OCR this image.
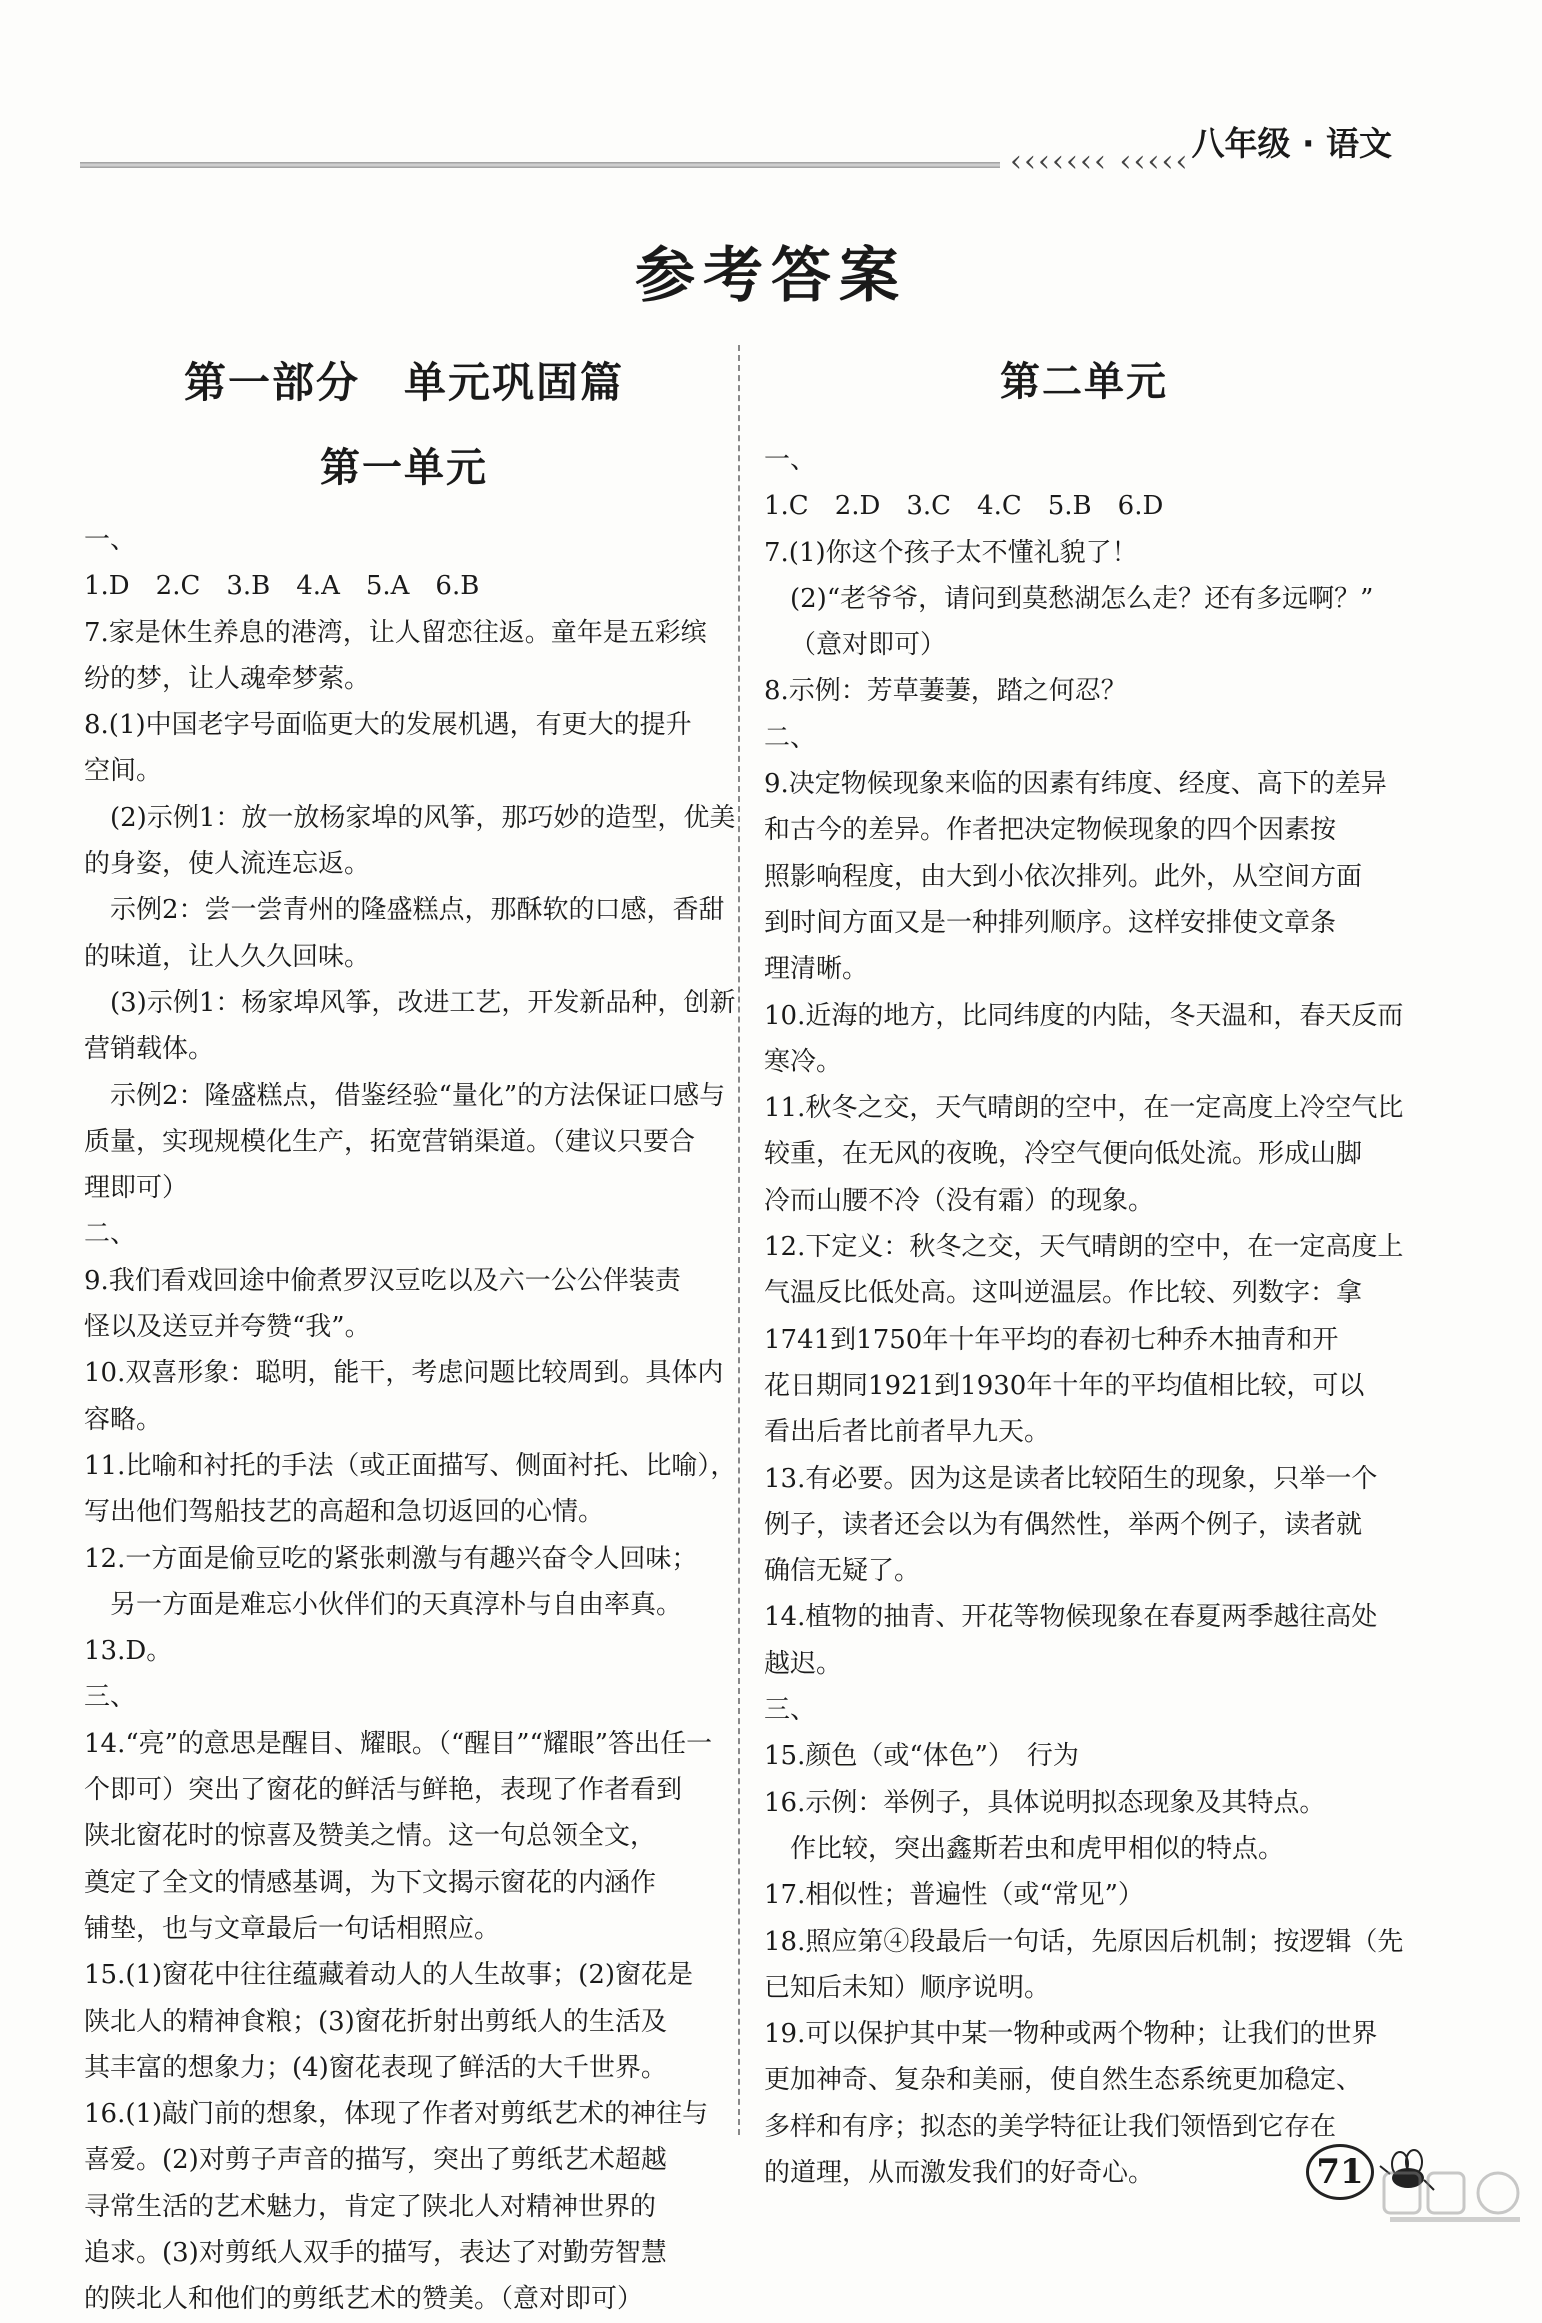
八年级 · 语文
‹‹‹‹‹‹‹ ‹‹‹‹‹
参考答案
第一部分　单元巩固篇
第一单元
一、
1.D　2.C　3.B　4.A　5.A　6.B
7.家是休生养息的港湾，让人留恋往返。童年是五彩缤
纷的梦，让人魂牵梦萦。
8.(1)中国老字号面临更大的发展机遇，有更大的提升
空间。
(2)示例1：放一放杨家埠的风筝，那巧妙的造型，优美
的身姿，使人流连忘返。
示例2：尝一尝青州的隆盛糕点，那酥软的口感，香甜
的味道，让人久久回味。
(3)示例1：杨家埠风筝，改进工艺，开发新品种，创新
营销载体。
示例2：隆盛糕点，借鉴经验“量化”的方法保证口感与
质量，实现规模化生产，拓宽营销渠道。（建议只要合
理即可）
二、
9.我们看戏回途中偷煮罗汉豆吃以及六一公公伴装责
怪以及送豆并夸赞“我”。
10.双喜形象：聪明，能干，考虑问题比较周到。具体内
容略。
11.比喻和衬托的手法（或正面描写、侧面衬托、比喻），
写出他们驾船技艺的高超和急切返回的心情。
12.一方面是偷豆吃的紧张刺激与有趣兴奋令人回味；
另一方面是难忘小伙伴们的天真淳朴与自由率真。
13.D。
三、
14.“亮”的意思是醒目、耀眼。（“醒目”“耀眼”答出任一
个即可）突出了窗花的鲜活与鲜艳，表现了作者看到
陕北窗花时的惊喜及赞美之情。这一句总领全文，
奠定了全文的情感基调，为下文揭示窗花的内涵作
铺垫，也与文章最后一句话相照应。
15.(1)窗花中往往蕴藏着动人的人生故事；(2)窗花是
陕北人的精神食粮；(3)窗花折射出剪纸人的生活及
其丰富的想象力；(4)窗花表现了鲜活的大千世界。
16.(1)敲门前的想象，体现了作者对剪纸艺术的神往与
喜爱。(2)对剪子声音的描写，突出了剪纸艺术超越
寻常生活的艺术魅力，肯定了陕北人对精神世界的
追求。(3)对剪纸人双手的描写，表达了对勤劳智慧
的陕北人和他们的剪纸艺术的赞美。（意对即可）
第二单元
一、
1.C　2.D　3.C　4.C　5.B　6.D
7.(1)你这个孩子太不懂礼貌了！
(2)“老爷爷，请问到莫愁湖怎么走？还有多远啊？”
（意对即可）
8.示例：芳草萋萋，踏之何忍？
二、
9.决定物候现象来临的因素有纬度、经度、高下的差异
和古今的差异。作者把决定物候现象的四个因素按
照影响程度，由大到小依次排列。此外，从空间方面
到时间方面又是一种排列顺序。这样安排使文章条
理清晰。
10.近海的地方，比同纬度的内陆，冬天温和，春天反而
寒冷。
11.秋冬之交，天气晴朗的空中，在一定高度上冷空气比
较重，在无风的夜晚，冷空气便向低处流。形成山脚
冷而山腰不冷（没有霜）的现象。
12.下定义：秋冬之交，天气晴朗的空中，在一定高度上
气温反比低处高。这叫逆温层。作比较、列数字：拿
1741到1750年十年平均的春初七种乔木抽青和开
花日期同1921到1930年十年的平均值相比较，可以
看出后者比前者早九天。
13.有必要。因为这是读者比较陌生的现象，只举一个
例子，读者还会以为有偶然性，举两个例子，读者就
确信无疑了。
14.植物的抽青、开花等物候现象在春夏两季越往高处
越迟。
三、
15.颜色（或“体色”）　行为
16.示例：举例子，具体说明拟态现象及其特点。
作比较，突出鑫斯若虫和虎甲相似的特点。
17.相似性；普遍性（或“常见”）
18.照应第④段最后一句话，先原因后机制；按逻辑（先
已知后未知）顺序说明。
19.可以保护其中某一物种或两个物种；让我们的世界
更加神奇、复杂和美丽，使自然生态系统更加稳定、
多样和有序；拟态的美学特征让我们领悟到它存在
的道理，从而激发我们的好奇心。	71
